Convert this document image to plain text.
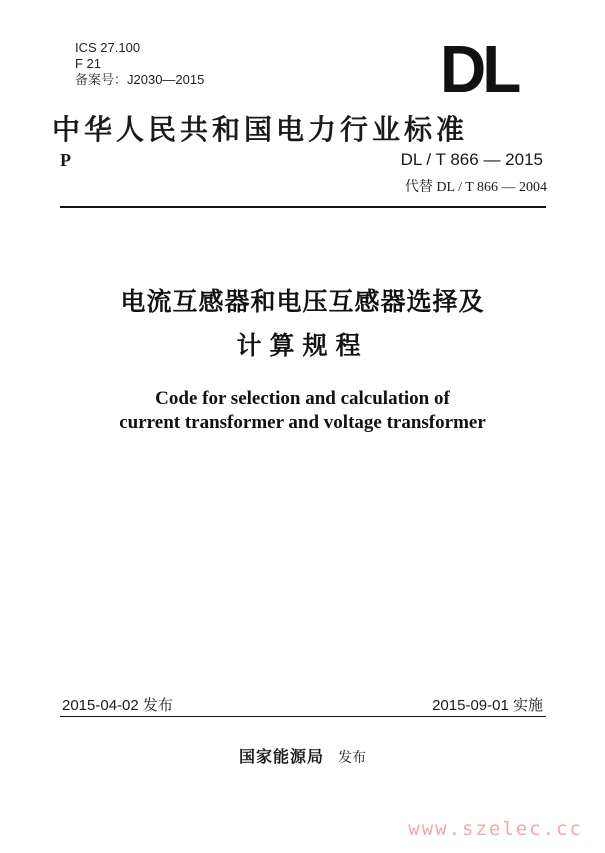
ICS 27.100
F 21
备案号：J2030—2015	DL
中华人民共和国电力行业标准
P	DL / T 866 — 2015
代替 DL / T 866 — 2004
电流互感器和电压互感器选择及
计算规程
Code for selection and calculation of
current transformer and voltage transformer
2015-04-02 发布	2015-09-01 实施
国家能源局 发布
www.szelec.cc
